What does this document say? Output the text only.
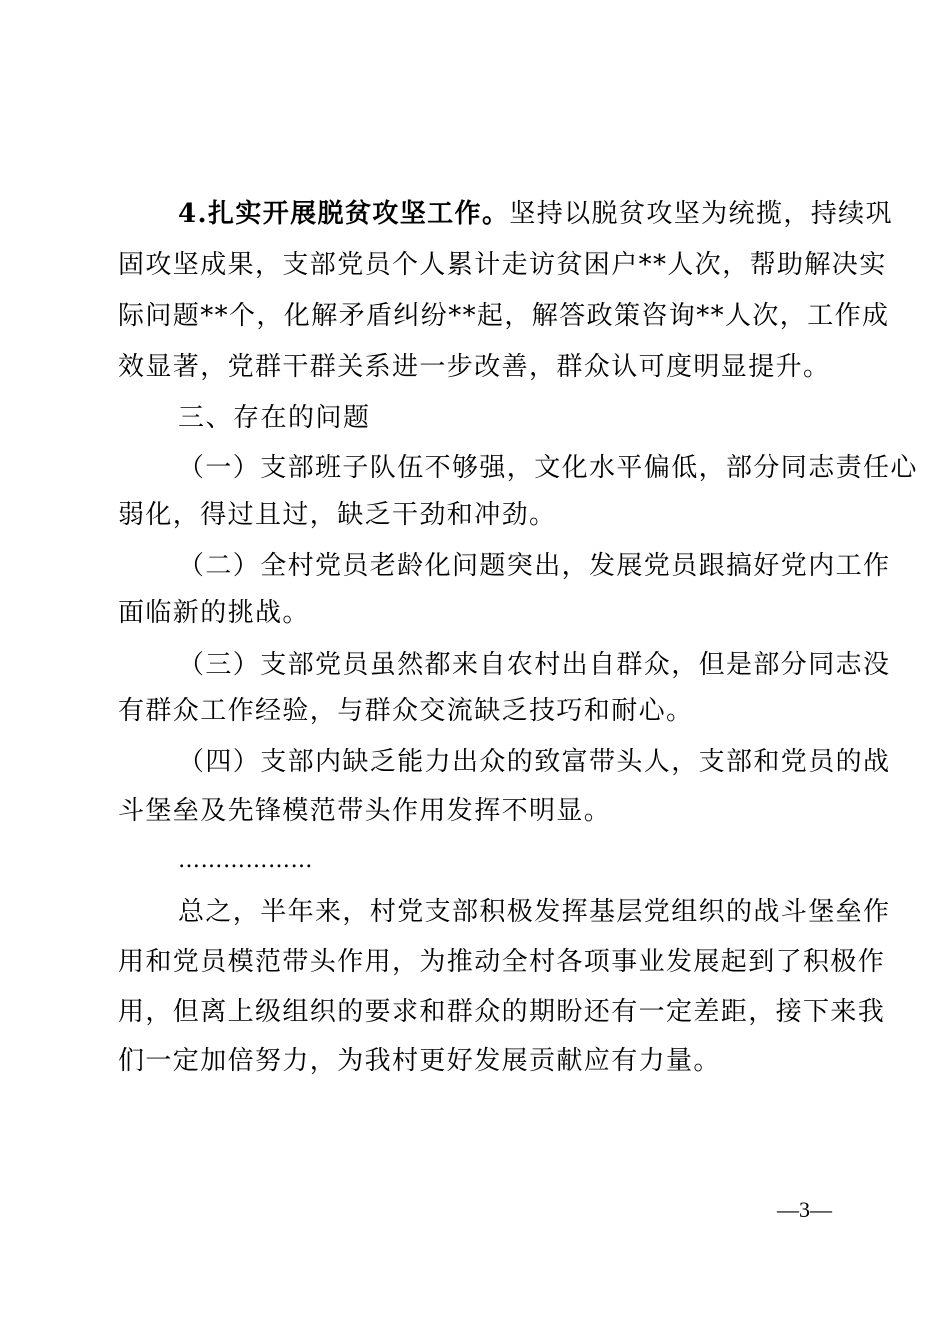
4.扎实开展脱贫攻坚工作。坚持以脱贫攻坚为统揽，持续巩
固攻坚成果，支部党员个人累计走访贫困户**人次，帮助解决实
际问题**个，化解矛盾纠纷**起，解答政策咨询**人次，工作成
效显著，党群干群关系进一步改善，群众认可度明显提升。
三、存在的问题
（一）支部班子队伍不够强，文化水平偏低，部分同志责任心
弱化，得过且过，缺乏干劲和冲劲。
（二）全村党员老龄化问题突出，发展党员跟搞好党内工作
面临新的挑战。
（三）支部党员虽然都来自农村出自群众，但是部分同志没
有群众工作经验，与群众交流缺乏技巧和耐心。
（四）支部内缺乏能力出众的致富带头人，支部和党员的战
斗堡垒及先锋模范带头作用发挥不明显。
………………
总之，半年来，村党支部积极发挥基层党组织的战斗堡垒作
用和党员模范带头作用，为推动全村各项事业发展起到了积极作
用，但离上级组织的要求和群众的期盼还有一定差距，接下来我
们一定加倍努力，为我村更好发展贡献应有力量。
—3—
